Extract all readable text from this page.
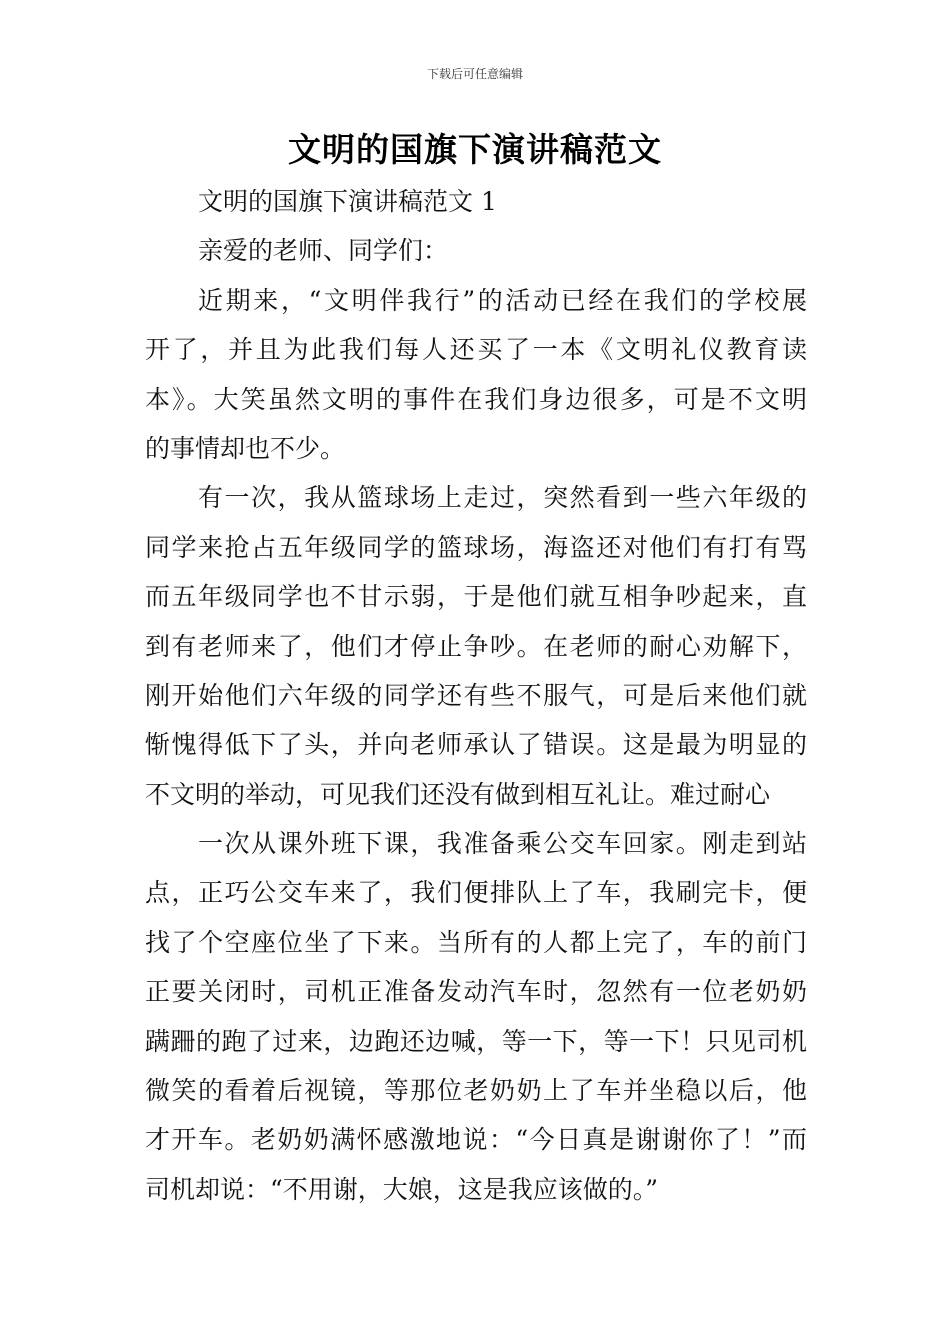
下载后可任意编辑
文明的国旗下演讲稿范文
文明的国旗下演讲稿范文 1
亲爱的老师、同学们：
近期来，“文明伴我行”的活动已经在我们的学校展
开了，并且为此我们每人还买了一本《文明礼仪教育读
本》。大笑虽然文明的事件在我们身边很多，可是不文明
的事情却也不少。
有一次，我从篮球场上走过，突然看到一些六年级的
同学来抢占五年级同学的篮球场，海盗还对他们有打有骂
而五年级同学也不甘示弱，于是他们就互相争吵起来，直
到有老师来了，他们才停止争吵。在老师的耐心劝解下，
刚开始他们六年级的同学还有些不服气，可是后来他们就
惭愧得低下了头，并向老师承认了错误。这是最为明显的
不文明的举动，可见我们还没有做到相互礼让。难过耐心
一次从课外班下课，我准备乘公交车回家。刚走到站
点，正巧公交车来了，我们便排队上了车，我刷完卡，便
找了个空座位坐了下来。当所有的人都上完了，车的前门
正要关闭时，司机正准备发动汽车时，忽然有一位老奶奶
蹒跚的跑了过来，边跑还边喊，等一下，等一下！只见司机
微笑的看着后视镜，等那位老奶奶上了车并坐稳以后，他
才开车。老奶奶满怀感激地说：“今日真是谢谢你了！”而
司机却说：“不用谢，大娘，这是我应该做的。”
